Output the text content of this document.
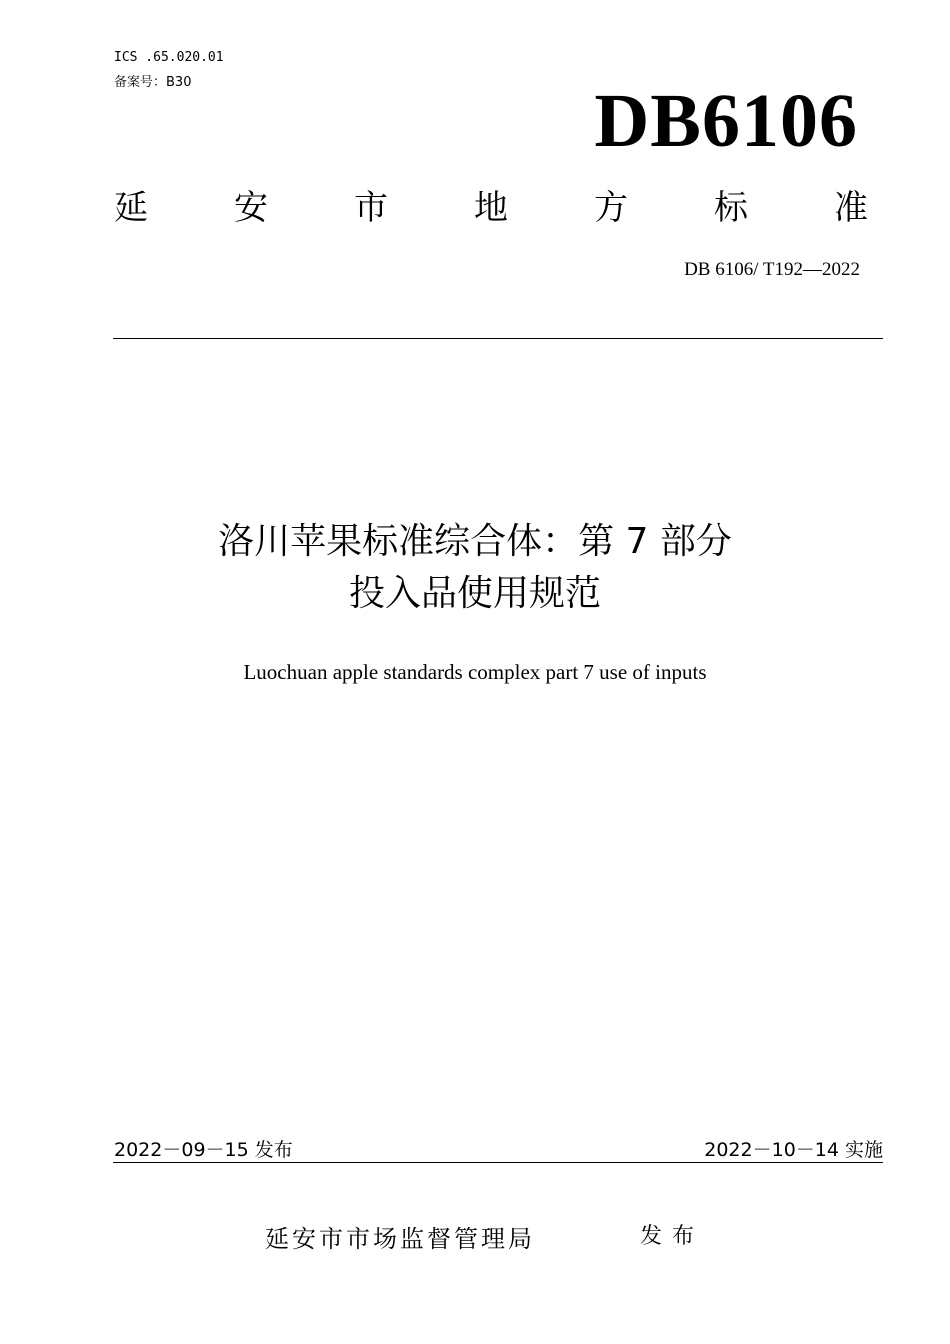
ICS .65.020.01
备案号：B30	DB6106
延	安	市	地	方	标	准
DB 6106/ T192—2022
洛川苹果标准综合体：第 7 部分
投入品使用规范
Luochuan apple standards complex part 7 use of inputs
2022－09－15 发布	2022－10－14 实施
延安市市场监督管理局	发布
